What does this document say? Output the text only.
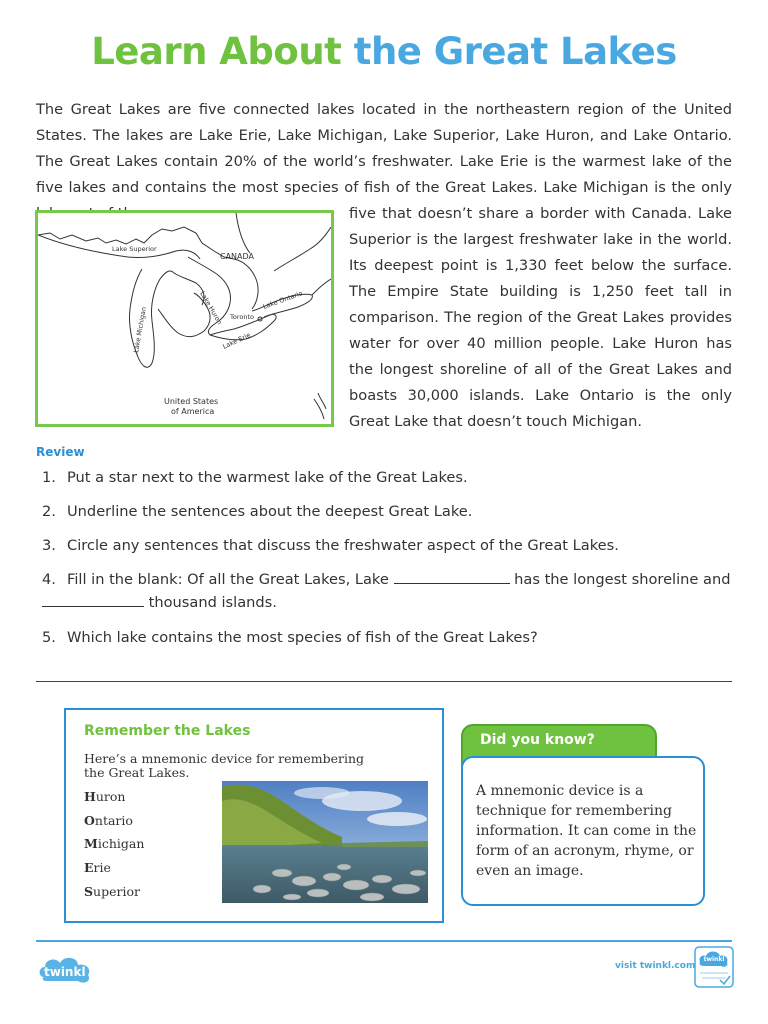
Learn About the Great Lakes
The Great Lakes are five connected lakes located in the northeastern region of the United States. The lakes are Lake Erie, Lake Michigan, Lake Superior, Lake Huron, and Lake Ontario. The Great Lakes contain 20% of the world’s freshwater. Lake Erie is the warmest lake of the five lakes and contains the most species of fish of the Great Lakes. Lake Michigan is the only
Lake Superior
CANADA
Lake Huron
Lake Michigan	Toronto
Lake Ontario
Lake Erie
United States
of America
five that doesn’t share a border with Canada. Lake Superior is the largest freshwater lake in the world. Its deepest point is 1,330 feet below the surface. The Empire State building is 1,250 feet tall in comparison. The region of the Great Lakes provides water for over 40 million people. Lake Huron has the longest shoreline of all of the Great Lakes and boasts 30,000 islands. Lake Ontario is the only Great Lake that doesn’t touch Michigan.
Review
1. Put a star next to the warmest lake of the Great Lakes.
2. Underline the sentences about the deepest Great Lake.
3. Circle any sentences that discuss the freshwater aspect of the Great Lakes.
4. Fill in the blank: Of all the Great Lakes, Lake	has the longest shoreline and
thousand islands.
5. Which lake contains the most species of fish of the Great Lakes?
Remember the Lakes
Here’s a mnemonic device for remembering the Great Lakes.
Huron
Ontario
Michigan
Erie
Superior
Did you know?
A mnemonic device is a technique for remembering information. It can come in the form of an acronym, rhyme, or even an image.
twinkl	visit twinkl.com
twinkl
